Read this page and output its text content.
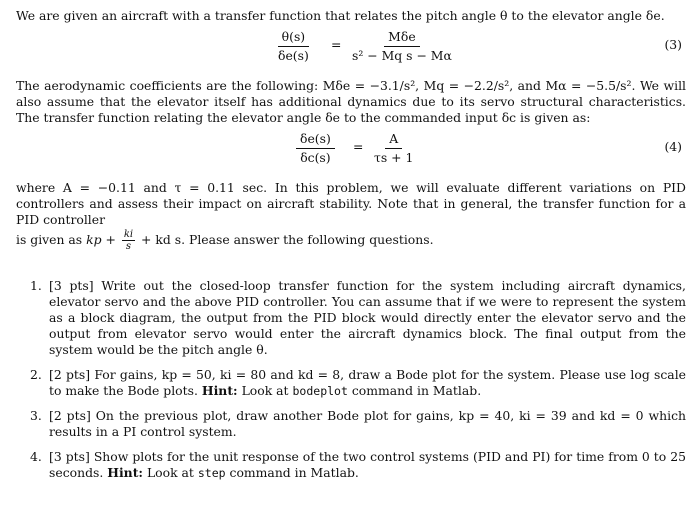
We are given an aircraft with a transfer function that relates the pitch angle θ to the elevator angle δe.

$\frac{\theta(s)}{\delta e(s)}$ =
Mδe
s² − Mq s − Mα
(3)

The aerodynamic coefficients are the following: Mδe = −3.1/s², Mq = −2.2/s², and Mα = −5.5/s². We will also assume that the elevator itself has additional dynamics due to its servo structural characteristics. The transfer function relating the elevator angle δe to the commanded input δc is given as:

$\frac{\delta e(s)}{\delta c(s)} = \frac{A}{\tau s + 1}$	(4)

where A = −0.11 and τ = 0.11 sec. In this problem, we will evaluate different variations on PID controllers and assess their impact on aircraft stability. Note that in general, the transfer function for a PID controller

is given as kp + $\frac{ki}{s}$ + kd s. Please answer the following questions.

1. [3 pts] Write out the closed-loop transfer function for the system including aircraft dynamics, elevator servo and the above PID controller. You can assume that if we were to represent the system as a block diagram, the output from the PID block would directly enter the elevator servo and the output from elevator servo would enter the aircraft dynamics block. The final output from the system would be the pitch angle θ.
2. [2 pts] For gains, kp = 50, ki = 80 and kd = 8, draw a Bode plot for the system. Please use log scale to make the Bode plots. Hint: Look at bodeplot command in Matlab.
3. [2 pts] On the previous plot, draw another Bode plot for gains, kp = 40, ki = 39 and kd = 0 which results in a PI control system.
4. [3 pts] Show plots for the unit response of the two control systems (PID and PI) for time from 0 to 25 seconds. Hint: Look at step command in Matlab.
